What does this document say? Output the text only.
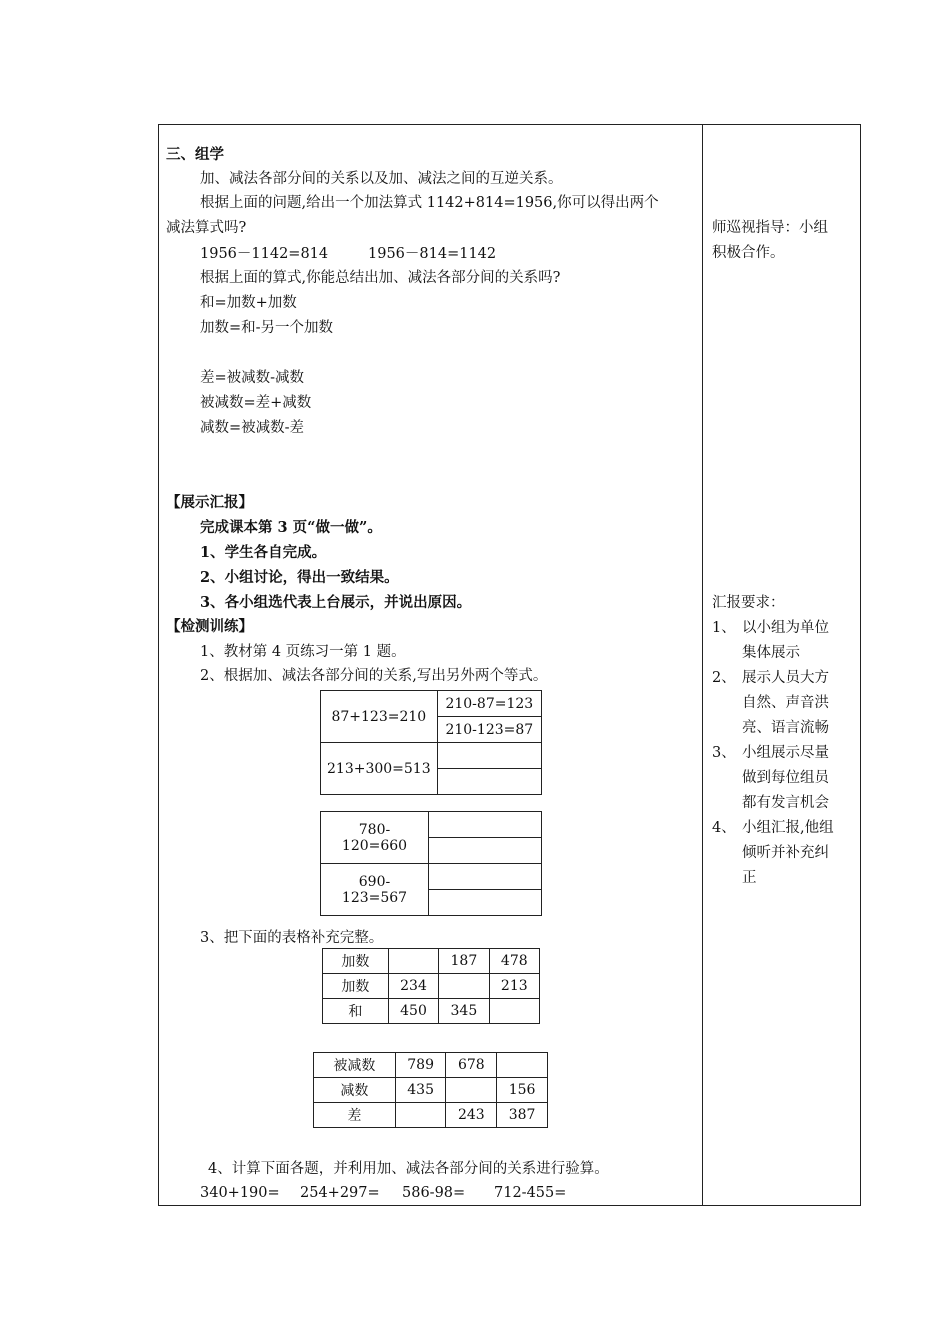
三、组学
加、减法各部分间的关系以及加、减法之间的互逆关系。
根据上面的问题,给出一个加法算式 1142+814=1956,你可以得出两个
减法算式吗?
1956－1142=814	1956－814=1142
根据上面的算式,你能总结出加、减法各部分间的关系吗?
和=加数+加数
加数=和-另一个加数
差=被减数-减数
被减数=差+减数
减数=被减数-差
【展示汇报】
完成课本第 3 页“做一做”。
1、学生各自完成。
2、小组讨论，得出一致结果。
3、各小组选代表上台展示，并说出原因。
【检测训练】
1、教材第 4 页练习一第 1 题。
2、根据加、减法各部分间的关系,写出另外两个等式。
87+123=210	210-87=123
	210-123=87
213+300=513	

780-120=660	

690-123=567	

3、把下面的表格补充完整。
加数		187	478
加数	234		213
和	450	345	
被减数	789	678	
减数	435		156
差		243	387
4、计算下面各题，并利用加、减法各部分间的关系进行验算。
340+190= 254+297= 586-98= 712-455=
师巡视指导：小组
积极合作。
汇报要求：
1、 以小组为单位
集体展示
2、 展示人员大方
自然、声音洪
亮、语言流畅
3、 小组展示尽量
做到每位组员
都有发言机会
4、 小组汇报,他组
倾听并补充纠
正
